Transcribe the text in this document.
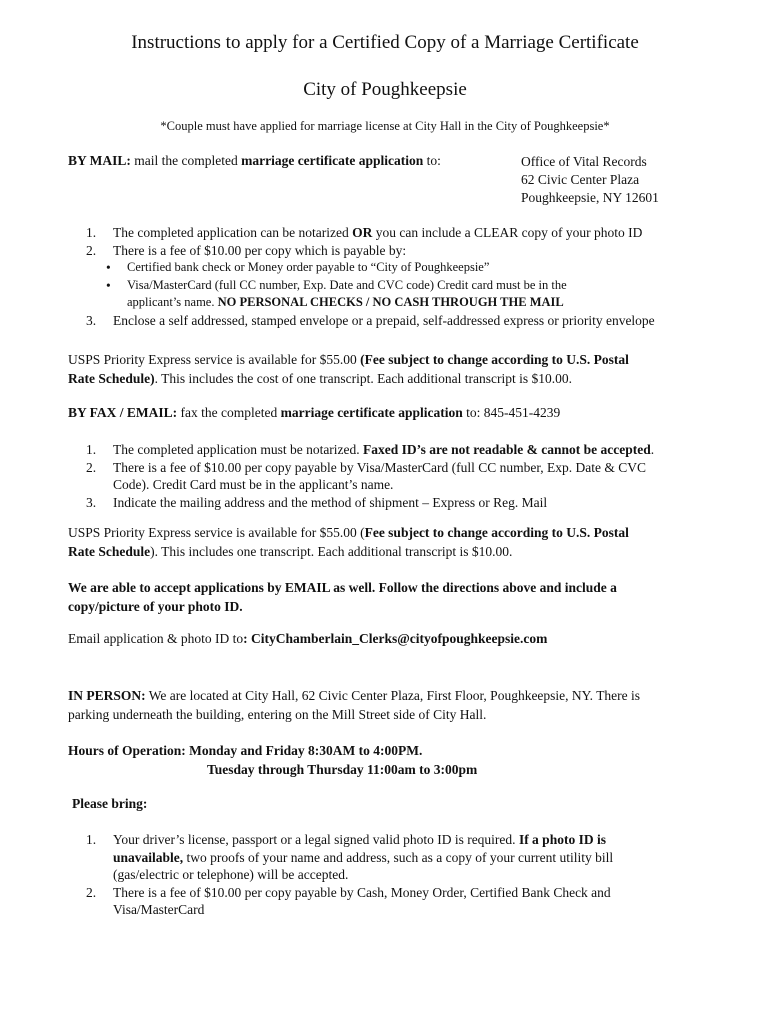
Instructions to apply for a Certified Copy of a Marriage Certificate
City of Poughkeepsie
*Couple must have applied for marriage license at City Hall in the City of Poughkeepsie*
BY MAIL: mail the completed marriage certificate application to:	Office of Vital Records
62 Civic Center Plaza
Poughkeepsie, NY 12601
1.	The completed application can be notarized OR you can include a CLEAR copy of your photo ID
2.	There is a fee of $10.00 per copy which is payable by:
•	Certified bank check or Money order payable to “City of Poughkeepsie”
•	Visa/MasterCard (full CC number, Exp. Date and CVC code) Credit card must be in the
applicant’s name. NO PERSONAL CHECKS / NO CASH THROUGH THE MAIL
3.	Enclose a self addressed, stamped envelope or a prepaid, self-addressed express or priority envelope
USPS Priority Express service is available for $55.00 (Fee subject to change according to U.S. Postal
Rate Schedule). This includes the cost of one transcript. Each additional transcript is $10.00.
BY FAX / EMAIL: fax the completed marriage certificate application to: 845-451-4239
1.	The completed application must be notarized. Faxed ID’s are not readable & cannot be accepted.
2.	There is a fee of $10.00 per copy payable by Visa/MasterCard (full CC number, Exp. Date & CVC
Code). Credit Card must be in the applicant’s name.
3.	Indicate the mailing address and the method of shipment – Express or Reg. Mail
USPS Priority Express service is available for $55.00 (Fee subject to change according to U.S. Postal
Rate Schedule). This includes one transcript. Each additional transcript is $10.00.
We are able to accept applications by EMAIL as well. Follow the directions above and include a
copy/picture of your photo ID.
Email application & photo ID to: CityChamberlain_Clerks@cityofpoughkeepsie.com
IN PERSON: We are located at City Hall, 62 Civic Center Plaza, First Floor, Poughkeepsie, NY. There is
parking underneath the building, entering on the Mill Street side of City Hall.
Hours of Operation: Monday and Friday 8:30AM to 4:00PM.
Tuesday through Thursday 11:00am to 3:00pm
Please bring:
1.	Your driver’s license, passport or a legal signed valid photo ID is required. If a photo ID is
unavailable, two proofs of your name and address, such as a copy of your current utility bill
(gas/electric or telephone) will be accepted.
2.	There is a fee of $10.00 per copy payable by Cash, Money Order, Certified Bank Check and
Visa/MasterCard
